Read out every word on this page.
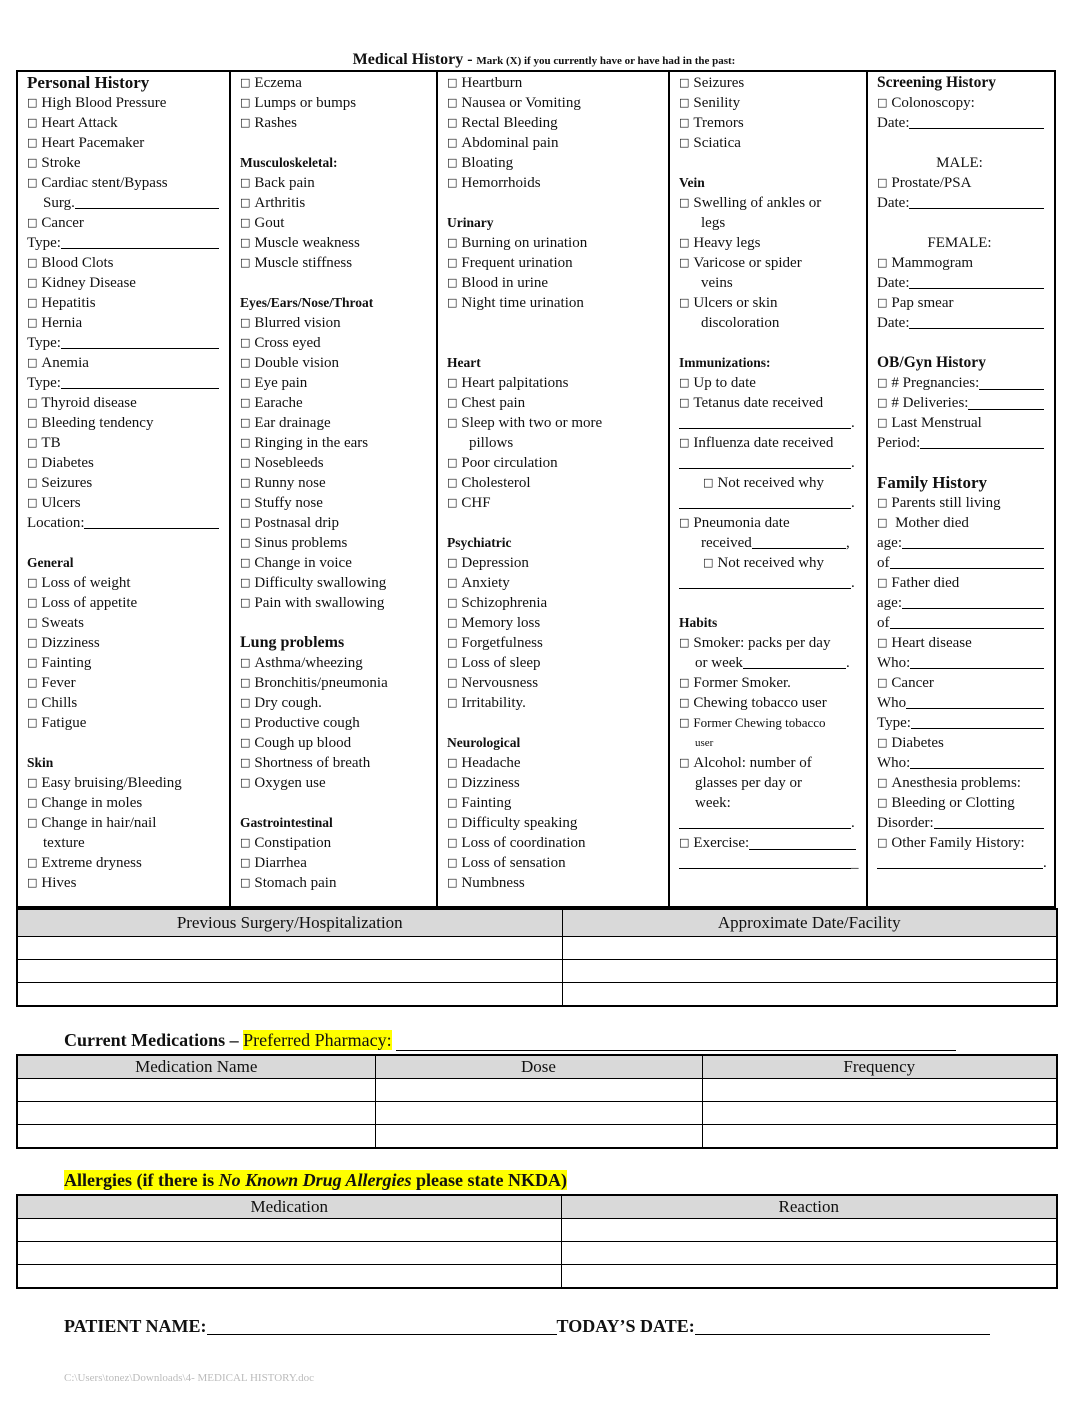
Medical History - Mark (X) if you currently have or have had in the past:
Personal History
□ High Blood Pressure
□ Heart Attack
□ Heart Pacemaker
□ Stroke
□ Cardiac stent/Bypass
Surg.
□ Cancer
Type:
□ Blood Clots
□ Kidney Disease
□ Hepatitis
□ Hernia
Type:
□ Anemia
Type:
□ Thyroid disease
□ Bleeding tendency
□ TB
□ Diabetes
□ Seizures
□ Ulcers
Location:
General
□ Loss of weight
□ Loss of appetite
□ Sweats
□ Dizziness
□ Fainting
□ Fever
□ Chills
□ Fatigue
Skin
□ Easy bruising/Bleeding
□ Change in moles
□ Change in hair/nail
texture
□ Extreme dryness
□ Hives
□ Eczema
□ Lumps or bumps
□ Rashes
Musculoskeletal:
□ Back pain
□ Arthritis
□ Gout
□ Muscle weakness
□ Muscle stiffness
Eyes/Ears/Nose/Throat
□ Blurred vision
□ Cross eyed
□ Double vision
□ Eye pain
□ Earache
□ Ear drainage
□ Ringing in the ears
□ Nosebleeds
□ Runny nose
□ Stuffy nose
□ Postnasal drip
□ Sinus problems
□ Change in voice
□ Difficulty swallowing
□ Pain with swallowing
Lung problems
□ Asthma/wheezing
□ Bronchitis/pneumonia
□ Dry cough.
□ Productive cough
□ Cough up blood
□ Shortness of breath
□ Oxygen use
Gastrointestinal
□ Constipation
□ Diarrhea
□ Stomach pain
□ Heartburn
□ Nausea or Vomiting
□ Rectal Bleeding
□ Abdominal pain
□ Bloating
□ Hemorrhoids
Urinary
□ Burning on urination
□ Frequent urination
□ Blood in urine
□ Night time urination
Heart
□ Heart palpitations
□ Chest pain
□ Sleep with two or more
pillows
□ Poor circulation
□ Cholesterol
□ CHF
Psychiatric
□ Depression
□ Anxiety
□ Schizophrenia
□ Memory loss
□ Forgetfulness
□ Loss of sleep
□ Nervousness
□ Irritability.
Neurological
□ Headache
□ Dizziness
□ Fainting
□ Difficulty speaking
□ Loss of coordination
□ Loss of sensation
□ Numbness
□ Seizures
□ Senility
□ Tremors
□ Sciatica
Vein
□ Swelling of ankles or
legs
□ Heavy legs
□ Varicose or spider
veins
□ Ulcers or skin
discoloration
Immunizations:
□ Up to date
□ Tetanus date received
.
□ Influenza date received
.
□ Not received why
.
□ Pneumonia date
received	,
□ Not received why
.
Habits
□ Smoker: packs per day
or week	.
□ Former Smoker.
□ Chewing tobacco user
□ Former Chewing tobacco
user
□ Alcohol: number of
glasses per day or
week:
.
□ Exercise:
_
Screening History
□ Colonoscopy:
Date:
MALE:
□ Prostate/PSA
Date:
FEMALE:
□ Mammogram
Date:
□ Pap smear
Date:
OB/Gyn History
□ # Pregnancies:
□ # Deliveries:
□ Last Menstrual
Period:
Family History
□ Parents still living
□ Mother died
age:
of
□ Father died
age:
of
□ Heart disease
Who:
□ Cancer
Who
Type:
□ Diabetes
Who:
□ Anesthesia problems:
□ Bleeding or Clotting
Disorder:
□ Other Family History:
.
Previous Surgery/Hospitalization	Approximate Date/Facility

Current Medications – Preferred Pharmacy:
Medication Name	Dose	Frequency

Allergies (if there is No Known Drug Allergies please state NKDA)
Medication	Reaction

PATIENT NAME:	TODAY’S DATE:
C:\Users\tonez\Downloads\4- MEDICAL HISTORY.doc
